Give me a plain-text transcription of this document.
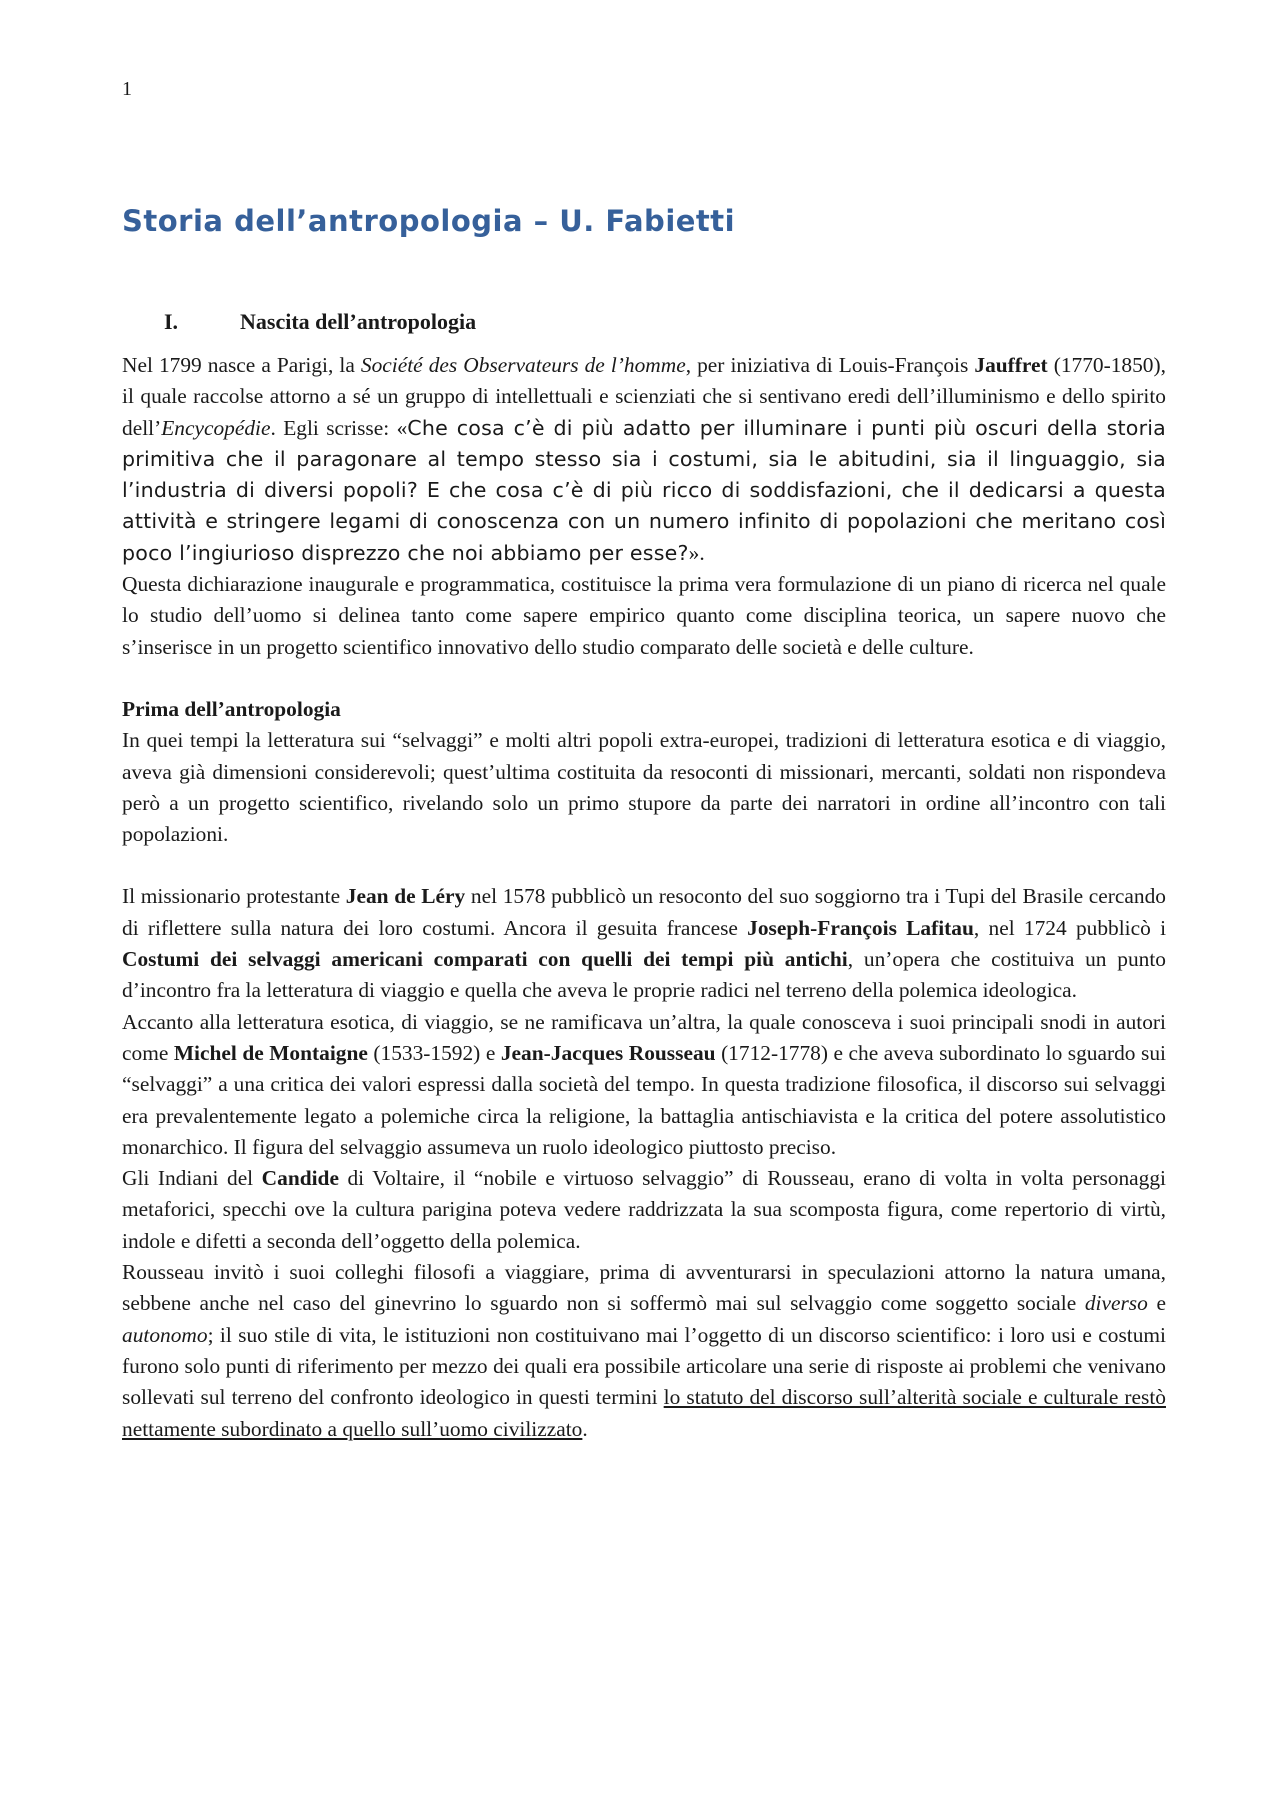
1
Storia dell’antropologia – U. Fabietti
I.	Nascita dell’antropologia

Nel 1799 nasce a Parigi, la Société des Observateurs de l’homme, per iniziativa di Louis-François Jauffret (1770-1850), il quale raccolse attorno a sé un gruppo di intellettuali e scienziati che si sentivano eredi dell’illuminismo e dello spirito dell’Encycopédie. Egli scrisse: «Che cosa c’è di più adatto per illuminare i punti più oscuri della storia primitiva che il paragonare al tempo stesso sia i costumi, sia le abitudini, sia il linguaggio, sia l’industria di diversi popoli? E che cosa c’è di più ricco di soddisfazioni, che il dedicarsi a questa attività e stringere legami di conoscenza con un numero infinito di popolazioni che meritano così poco l’ingiurioso disprezzo che noi abbiamo per esse?».

Questa dichiarazione inaugurale e programmatica, costituisce la prima vera formulazione di un piano di ricerca nel quale lo studio dell’uomo si delinea tanto come sapere empirico quanto come disciplina teorica, un sapere nuovo che s’inserisce in un progetto scientifico innovativo dello studio comparato delle società e delle culture.

Prima dell’antropologia

In quei tempi la letteratura sui “selvaggi” e molti altri popoli extra-europei, tradizioni di letteratura esotica e di viaggio, aveva già dimensioni considerevoli; quest’ultima costituita da resoconti di missionari, mercanti, soldati non rispondeva però a un progetto scientifico, rivelando solo un primo stupore da parte dei narratori in ordine all’incontro con tali popolazioni.

Il missionario protestante Jean de Léry nel 1578 pubblicò un resoconto del suo soggiorno tra i Tupi del Brasile cercando di riflettere sulla natura dei loro costumi. Ancora il gesuita francese Joseph-François Lafitau, nel 1724 pubblicò i Costumi dei selvaggi americani comparati con quelli dei tempi più antichi, un’opera che costituiva un punto d’incontro fra la letteratura di viaggio e quella che aveva le proprie radici nel terreno della polemica ideologica.

Accanto alla letteratura esotica, di viaggio, se ne ramificava un’altra, la quale conosceva i suoi principali snodi in autori come Michel de Montaigne (1533-1592) e Jean-Jacques Rousseau (1712-1778) e che aveva subordinato lo sguardo sui “selvaggi” a una critica dei valori espressi dalla società del tempo. In questa tradizione filosofica, il discorso sui selvaggi era prevalentemente legato a polemiche circa la religione, la battaglia antischiavista e la critica del potere assolutistico monarchico. Il figura del selvaggio assumeva un ruolo ideologico piuttosto preciso.

Gli Indiani del Candide di Voltaire, il “nobile e virtuoso selvaggio” di Rousseau, erano di volta in volta personaggi metaforici, specchi ove la cultura parigina poteva vedere raddrizzata la sua scomposta figura, come repertorio di virtù, indole e difetti a seconda dell’oggetto della polemica.

Rousseau invitò i suoi colleghi filosofi a viaggiare, prima di avventurarsi in speculazioni attorno la natura umana, sebbene anche nel caso del ginevrino lo sguardo non si soffermò mai sul selvaggio come soggetto sociale diverso e autonomo; il suo stile di vita, le istituzioni non costituivano mai l’oggetto di un discorso scientifico: i loro usi e costumi furono solo punti di riferimento per mezzo dei quali era possibile articolare una serie di risposte ai problemi che venivano sollevati sul terreno del confronto ideologico in questi termini lo statuto del discorso sull’alterità sociale e culturale restò nettamente subordinato a quello sull’uomo civilizzato.
